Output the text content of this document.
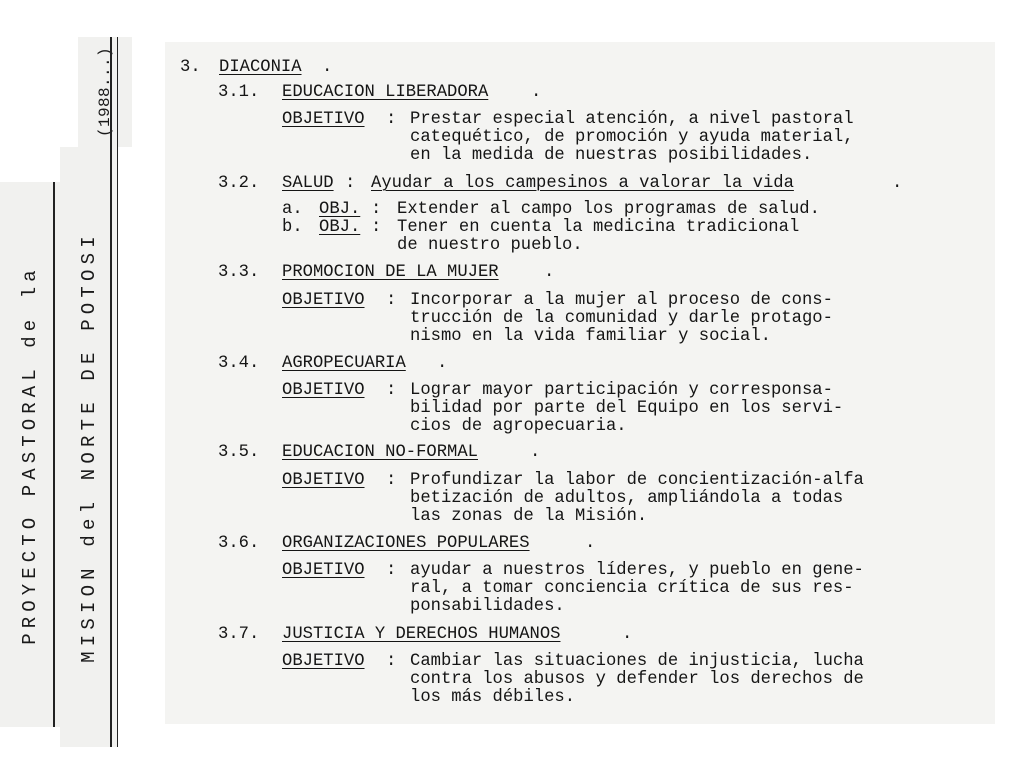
PROYECTO PASTORAL de la MISION del NORTE DE POTOSI
(1988...)	3. DIACONIA .
3.1. EDUCACION LIBERADORA .
OBJETIVO : Prestar especial atención, a nivel pastoral
catequético, de promoción y ayuda material,
en la medida de nuestras posibilidades.
3.2. SALUD : Ayudar a los campesinos a valorar la vida	.
a. OBJ. : Extender al campo los programas de salud.
b. OBJ. : Tener en cuenta la medicina tradicional
de nuestro pueblo.
3.3. PROMOCION DE LA MUJER	.
OBJETIVO : Incorporar a la mujer al proceso de cons-
trucción de la comunidad y darle protago-
nismo en la vida familiar y social.
3.4. AGROPECUARIA .
OBJETIVO : Lograr mayor participación y corresponsa-
bilidad por parte del Equipo en los servi-
cios de agropecuaria.
3.5. EDUCACION NO-FORMAL	.
OBJETIVO : Profundizar la labor de concientización-alfa
betización de adultos, ampliándola a todas
las zonas de la Misión.
3.6. ORGANIZACIONES POPULARES	.
OBJETIVO : ayudar a nuestros líderes, y pueblo en gene-
ral, a tomar conciencia crítica de sus res-
ponsabilidades.
3.7. JUSTICIA Y DERECHOS HUMANOS	.
OBJETIVO : Cambiar las situaciones de injusticia, lucha
contra los abusos y defender los derechos de
los más débiles.
